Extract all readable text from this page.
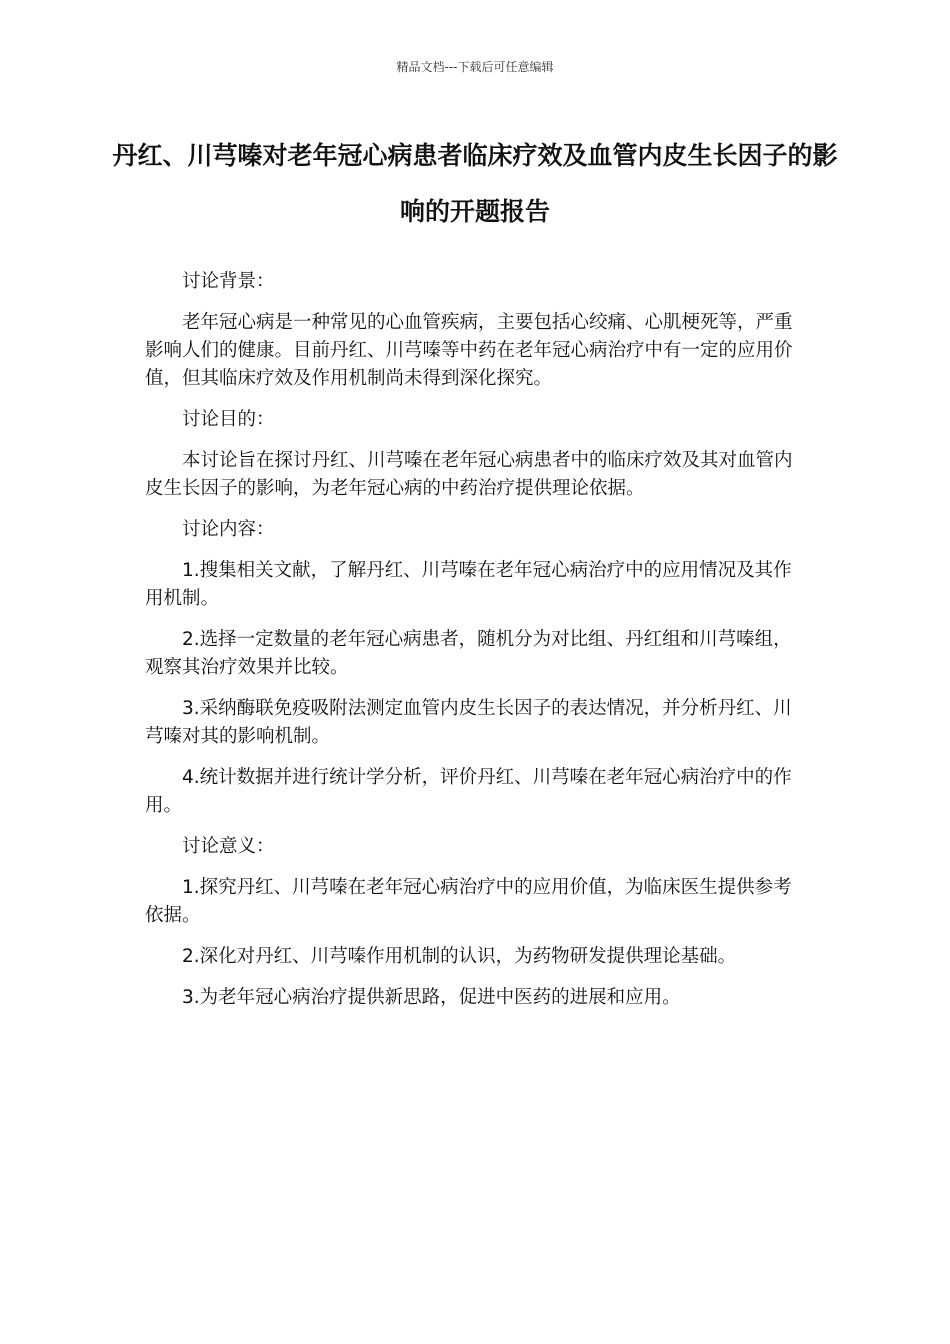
精品文档---下载后可任意编辑
丹红、川芎嗪对老年冠心病患者临床疗效及血管内皮生长因子的影响的开题报告

讨论背景：

老年冠心病是一种常见的心血管疾病，主要包括心绞痛、心肌梗死等，严重影响人们的健康。目前丹红、川芎嗪等中药在老年冠心病治疗中有一定的应用价值，但其临床疗效及作用机制尚未得到深化探究。

讨论目的：

本讨论旨在探讨丹红、川芎嗪在老年冠心病患者中的临床疗效及其对血管内皮生长因子的影响，为老年冠心病的中药治疗提供理论依据。

讨论内容：

1.搜集相关文献，了解丹红、川芎嗪在老年冠心病治疗中的应用情况及其作用机制。

2.选择一定数量的老年冠心病患者，随机分为对比组、丹红组和川芎嗪组，观察其治疗效果并比较。

3.采纳酶联免疫吸附法测定血管内皮生长因子的表达情况，并分析丹红、川芎嗪对其的影响机制。

4.统计数据并进行统计学分析，评价丹红、川芎嗪在老年冠心病治疗中的作用。

讨论意义：

1.探究丹红、川芎嗪在老年冠心病治疗中的应用价值，为临床医生提供参考依据。

2.深化对丹红、川芎嗪作用机制的认识，为药物研发提供理论基础。

3.为老年冠心病治疗提供新思路，促进中医药的进展和应用。
